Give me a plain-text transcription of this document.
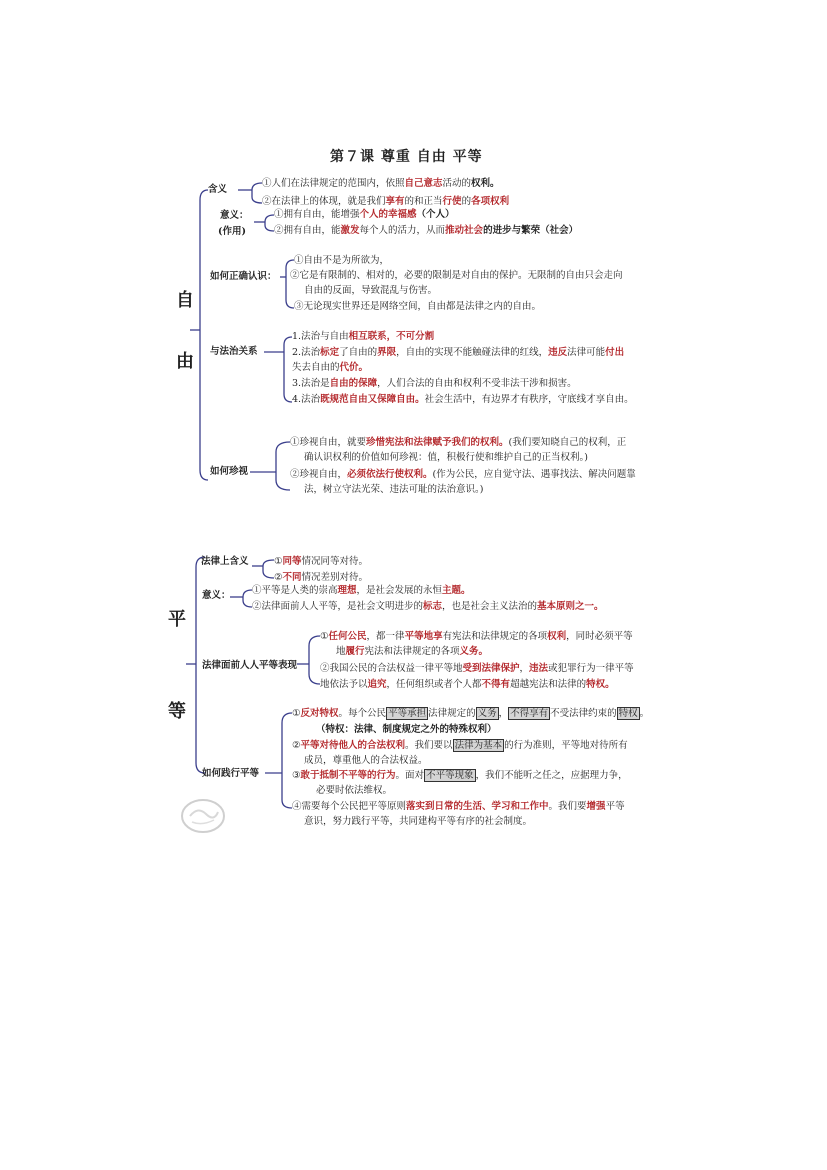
第７课 尊重 自由 平等
自
由
含义
①人们在法律规定的范围内，依照自己意志活动的权利。
②在法律上的体现，就是我们享有的和正当行使的各项权利
意义：
(作用)
①拥有自由，能增强个人的幸福感（个人）
②拥有自由，能激发每个人的活力，从而推动社会的进步与繁荣（社会）
如何正确认识：
①自由不是为所欲为，
②它是有限制的、相对的，必要的限制是对自由的保护。无限制的自由只会走向
自由的反面，导致混乱与伤害。
③无论现实世界还是网络空间，自由都是法律之内的自由。
与法治关系
1.法治与自由相互联系，不可分割
2.法治标定了自由的界限，自由的实现不能触碰法律的红线，违反法律可能付出
失去自由的代价。
3.法治是自由的保障，人们合法的自由和权利不受非法干涉和损害。
4.法治既规范自由又保障自由。社会生活中，有边界才有秩序，守底线才享自由。
如何珍视
①珍视自由，就要珍惜宪法和法律赋予我们的权利。(我们要知晓自己的权利，正
确认识权利的价值如何珍视：值，积极行使和维护自己的正当权利。)
②珍视自由，必须依法行使权利。(作为公民，应自觉守法、遇事找法、解决问题靠
法，树立守法光荣、违法可耻的法治意识。)
平
等
法律上含义	①同等情况同等对待。
②不同情况差别对待。
意义： ①平等是人类的崇高理想，是社会发展的永恒主题。
②法律面前人人平等，是社会文明进步的标志，也是社会主义法治的基本原则之一。
法律面前人人平等表现
①任何公民，都一律平等地享有宪法和法律规定的各项权利，同时必须平等
地履行宪法和法律规定的各项义务。
②我国公民的合法权益一律平等地受到法律保护，违法或犯罪行为一律平等
地依法予以追究，任何组织或者个人都不得有超越宪法和法律的特权。
如何践行平等
①反对特权。每个公民 平等承担 法律规定的 义务 ， 不得享有 不受法律约束的 特权 。
（特权：法律、制度规定之外的特殊权利）
②平等对待他人的合法权利。我们要以 法律为基本 的行为准则，平等地对待所有
成员，尊重他人的合法权益。
③敢于抵制不平等的行为。面对 不平等现象 ，我们不能听之任之，应据理力争，
必要时依法维权。
④需要每个公民把平等原则落实到日常的生活、学习和工作中。我们要增强平等
意识，努力践行平等，共同建构平等有序的社会制度。
